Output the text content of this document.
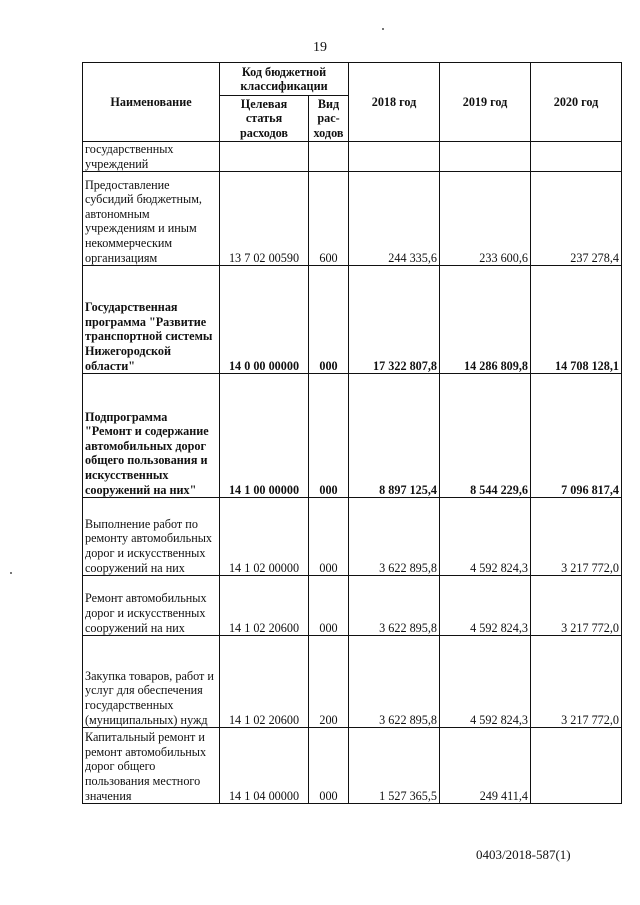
19
Наименование	Код бюджетной классификации		2018 год	2019 год	2020 год
	Целевая статья расходов	Вид рас-ходов			
государственных учреждений					
Предоставление субсидий бюджетным, автономным учреждениям и иным некоммерческим организациям	13 7 02 00590	600	244 335,6	233 600,6	237 278,4
Государственная программа "Развитие транспортной системы Нижегородской области"	14 0 00 00000	000	17 322 807,8	14 286 809,8	14 708 128,1
Подпрограмма "Ремонт и содержание автомобильных дорог общего пользования и искусственных сооружений на них"	14 1 00 00000	000	8 897 125,4	8 544 229,6	7 096 817,4
Выполнение работ по ремонту автомобильных дорог и искусственных сооружений на них	14 1 02 00000	000	3 622 895,8	4 592 824,3	3 217 772,0
Ремонт автомобильных дорог и искусственных сооружений на них	14 1 02 20600	000	3 622 895,8	4 592 824,3	3 217 772,0
Закупка товаров, работ и услуг для обеспечения государственных (муниципальных) нужд	14 1 02 20600	200	3 622 895,8	4 592 824,3	3 217 772,0
Капитальный ремонт и ремонт автомобильных дорог общего пользования местного значения	14 1 04 00000	000	1 527 365,5	249 411,4	
0403/2018-587(1)
